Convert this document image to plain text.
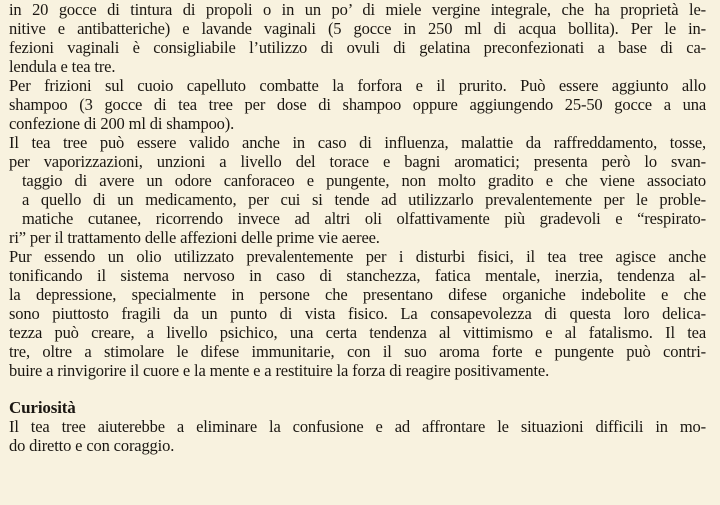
in 20 gocce di tintura di propoli o in un po’ di miele vergine integrale, che ha proprietà le-
nitive e antibatteriche) e lavande vaginali (5 gocce in 250 ml di acqua bollita). Per le in-
fezioni vaginali è consigliabile l’utilizzo di ovuli di gelatina preconfezionati a base di ca-
lendula e tea tre.

Per frizioni sul cuoio capelluto combatte la forfora e il prurito. Può essere aggiunto allo
shampoo (3 gocce di tea tree per dose di shampoo oppure aggiungendo 25-50 gocce a una
confezione di 200 ml di shampoo).

Il tea tree può essere valido anche in caso di influenza, malattie da raffreddamento, tosse,
per vaporizzazioni, unzioni a livello del torace e bagni aromatici; presenta però lo svan-
taggio di avere un odore canforaceo e pungente, non molto gradito e che viene associato
a quello di un medicamento, per cui si tende ad utilizzarlo prevalentemente per le proble-
matiche cutanee, ricorrendo invece ad altri oli olfattivamente più gradevoli e “respirato-
ri” per il trattamento delle affezioni delle prime vie aeree.

Pur essendo un olio utilizzato prevalentemente per i disturbi fisici, il tea tree agisce anche
tonificando il sistema nervoso in caso di stanchezza, fatica mentale, inerzia, tendenza al-
la depressione, specialmente in persone che presentano difese organiche indebolite e che
sono piuttosto fragili da un punto di vista fisico. La consapevolezza di questa loro delica-
tezza può creare, a livello psichico, una certa tendenza al vittimismo e al fatalismo. Il tea
tre, oltre a stimolare le difese immunitarie, con il suo aroma forte e pungente può contri-
buire a rinvigorire il cuore e la mente e a restituire la forza di reagire positivamente.

Curiosità

Il tea tree aiuterebbe a eliminare la confusione e ad affrontare le situazioni difficili in mo-
do diretto e con coraggio.
